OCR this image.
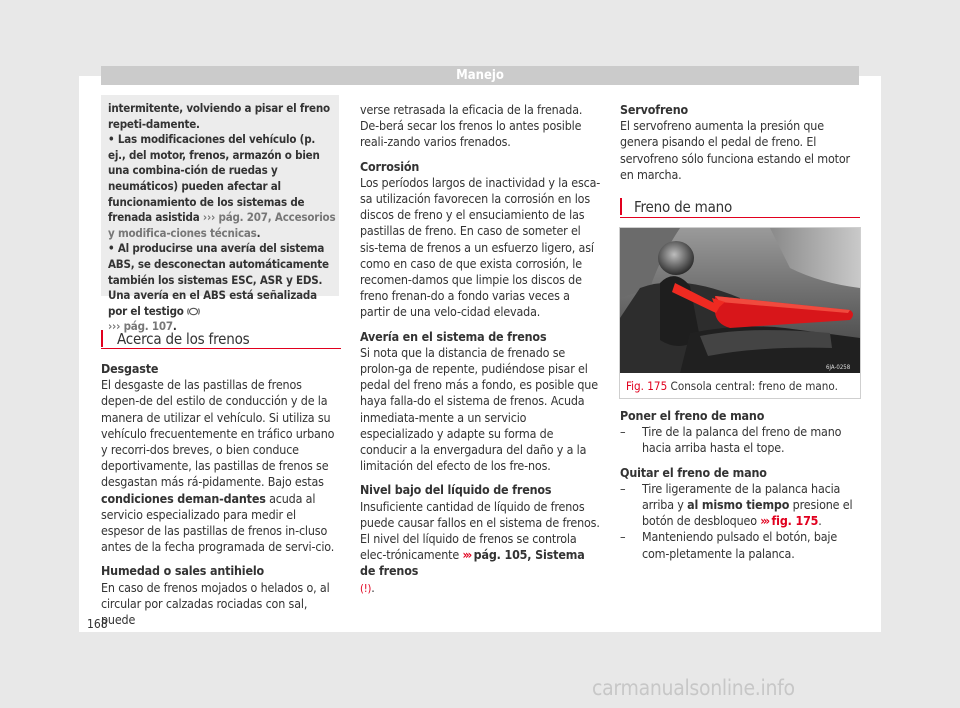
Manejo

intermitente, volviendo a pisar el freno repeti-damente.

• Las modificaciones del vehículo (p. ej., del motor, frenos, armazón o bien una combina-ción de ruedas y neumáticos) pueden afectar al funcionamiento de los sistemas de frenada asistida ››› pág. 207, Accesorios y modifica-ciones técnicas.

• Al producirse una avería del sistema ABS, se desconectan automáticamente también los sistemas ESC, ASR y EDS. Una avería en el ABS está señalizada por el testigo
››› pág. 107.

Acerca de los frenos

Desgaste

El desgaste de las pastillas de frenos depen-de del estilo de conducción y de la manera de utilizar el vehículo. Si utiliza su vehículo frecuentemente en tráfico urbano y recorri-dos breves, o bien conduce deportivamente, las pastillas de frenos se desgastan más rá-pidamente. Bajo estas condiciones deman-dantes acuda al servicio especializado para medir el espesor de las pastillas de frenos in-cluso antes de la fecha programada de servi-cio.

Humedad o sales antihielo

En caso de frenos mojados o helados o, al circular por calzadas rociadas con sal, puede

verse retrasada la eficacia de la frenada. De-berá secar los frenos lo antes posible reali-zando varios frenados.

Corrosión

Los períodos largos de inactividad y la esca-sa utilización favorecen la corrosión en los discos de freno y el ensuciamiento de las pastillas de freno. En caso de someter el sis-tema de frenos a un esfuerzo ligero, así como en caso de que exista corrosión, le recomen-damos que limpie los discos de freno frenan-do a fondo varias veces a partir de una velo-cidad elevada.

Avería en el sistema de frenos

Si nota que la distancia de frenado se prolon-ga de repente, pudiéndose pisar el pedal del freno más a fondo, es posible que haya falla-do el sistema de frenos. Acuda inmediata-mente a un servicio especializado y adapte su forma de conducir a la envergadura del daño y a la limitación del efecto de los fre-nos.

Nivel bajo del líquido de frenos

Insuficiente cantidad de líquido de frenos puede causar fallos en el sistema de frenos. El nivel del líquido de frenos se controla elec-trónicamente ››› pág. 105, Sistema de frenos
(!).

Servofreno

El servofreno aumenta la presión que genera pisando el pedal de freno. El servofreno sólo funciona estando el motor en marcha.

Freno de mano
6JA-0258
Fig. 175 Consola central: freno de mano.

Poner el freno de mano

– Tire de la palanca del freno de mano hacia arriba hasta el tope.

Quitar el freno de mano

– Tire ligeramente de la palanca hacia arriba y al mismo tiempo presione el botón de desbloqueo ››› fig. 175.

– Manteniendo pulsado el botón, baje com-pletamente la palanca.

168
carmanualsonline.info
